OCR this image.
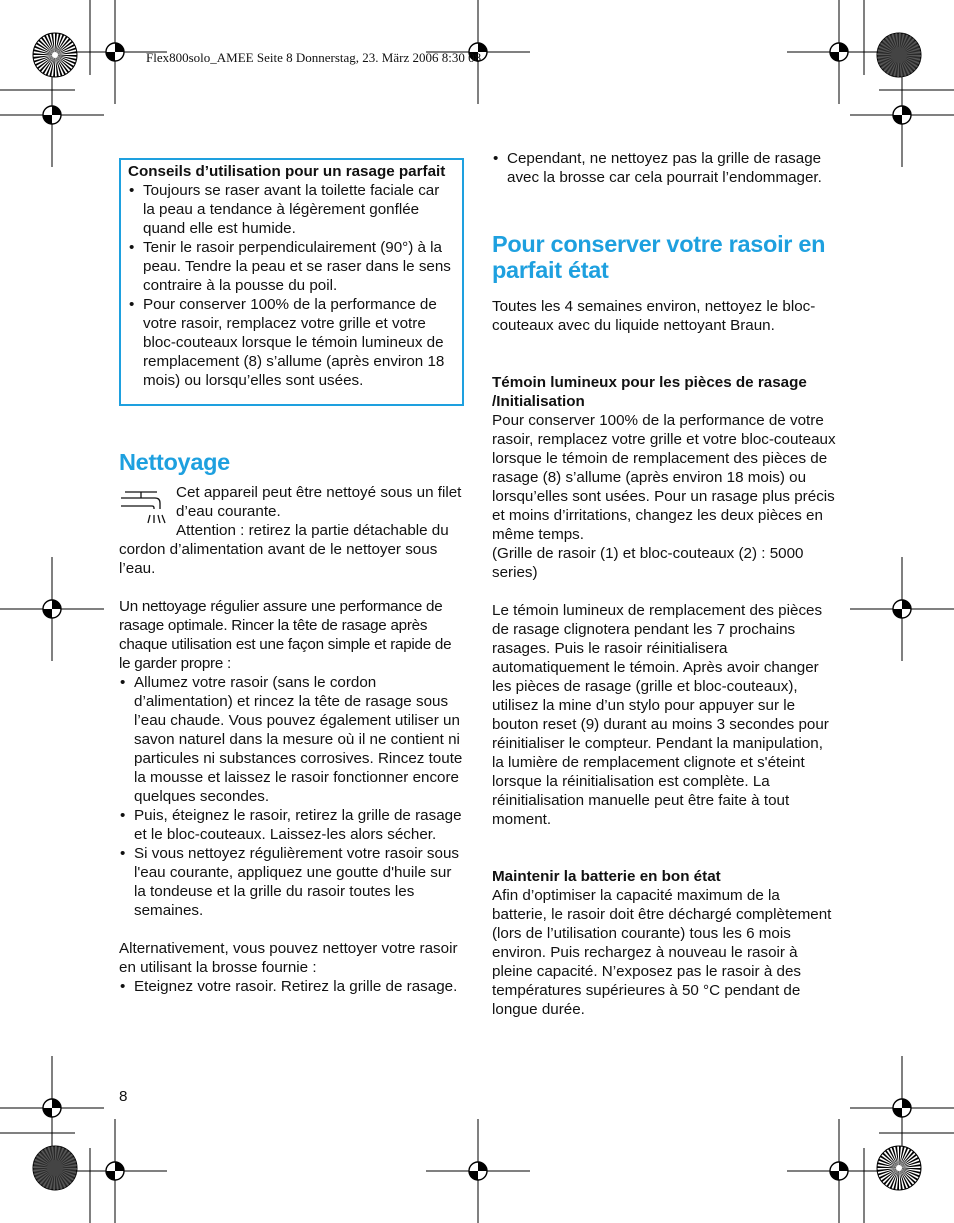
Flex800solo_AMEE Seite 8 Donnerstag, 23. März 2006 8:30 08
Conseils d’utilisation pour un rasage parfait
• Toujours se raser avant la toilette faciale car la peau a tendance à légèrement gonflée quand elle est humide.
• Tenir le rasoir perpendiculairement (90°) à la peau. Tendre la peau et se raser dans le sens contraire à la pousse du poil.
• Pour conserver 100% de la performance de votre rasoir, remplacez votre grille et votre bloc-couteaux lorsque le témoin lumineux de remplacement (8) s’allume (après environ 18 mois) ou lorsqu’elles sont usées.
Nettoyage

Cet appareil peut être nettoyé sous un filet d’eau courante.

Attention : retirez la partie détachable du cordon d’alimentation avant de le nettoyer sous l’eau.

Un nettoyage régulier assure une performance de rasage optimale. Rincer la tête de rasage après chaque utilisation est une façon simple et rapide de le garder propre :

• Allumez votre rasoir (sans le cordon d’alimentation) et rincez la tête de rasage sous l’eau chaude. Vous pouvez également utiliser un savon naturel dans la mesure où il ne contient ni particules ni substances corrosives. Rincez toute la mousse et laissez le rasoir fonctionner encore quelques secondes.
• Puis, éteignez le rasoir, retirez la grille de rasage et le bloc-couteaux. Laissez-les alors sécher.
• Si vous nettoyez régulièrement votre rasoir sous l'eau courante, appliquez une goutte d'huile sur la tondeuse et la grille du rasoir toutes les semaines.

Alternativement, vous pouvez nettoyer votre rasoir en utilisant la brosse fournie :

• Eteignez votre rasoir. Retirez la grille de rasage.
8
• Cependant, ne nettoyez pas la grille de rasage avec la brosse car cela pourrait l’endommager.
Pour conserver votre rasoir en parfait état

Toutes les 4 semaines environ, nettoyez le bloc-couteaux avec du liquide nettoyant Braun.

Témoin lumineux pour les pièces de rasage /Initialisation

Pour conserver 100% de la performance de votre rasoir, remplacez votre grille et votre bloc-couteaux lorsque le témoin de remplacement des pièces de rasage (8) s’allume (après environ 18 mois) ou lorsqu’elles sont usées. Pour un rasage plus précis et moins d’irritations, changez les deux pièces en même temps.

(Grille de rasoir (1) et bloc-couteaux (2) : 5000 series)

Le témoin lumineux de remplacement des pièces de rasage clignotera pendant les 7 prochains rasages. Puis le rasoir réinitialisera automatiquement le témoin. Après avoir changer les pièces de rasage (grille et bloc-couteaux), utilisez la mine d’un stylo pour appuyer sur le bouton reset (9) durant au moins 3 secondes pour réinitialiser le compteur. Pendant la manipulation, la lumière de remplacement clignote et s'éteint lorsque la réinitialisation est complète. La réinitialisation manuelle peut être faite à tout moment.

Maintenir la batterie en bon état

Afin d’optimiser la capacité maximum de la batterie, le rasoir doit être déchargé complètement (lors de l’utilisation courante) tous les 6 mois environ. Puis rechargez à nouveau le rasoir à pleine capacité. N’exposez pas le rasoir à des températures supérieures à 50 °C pendant de longue durée.
